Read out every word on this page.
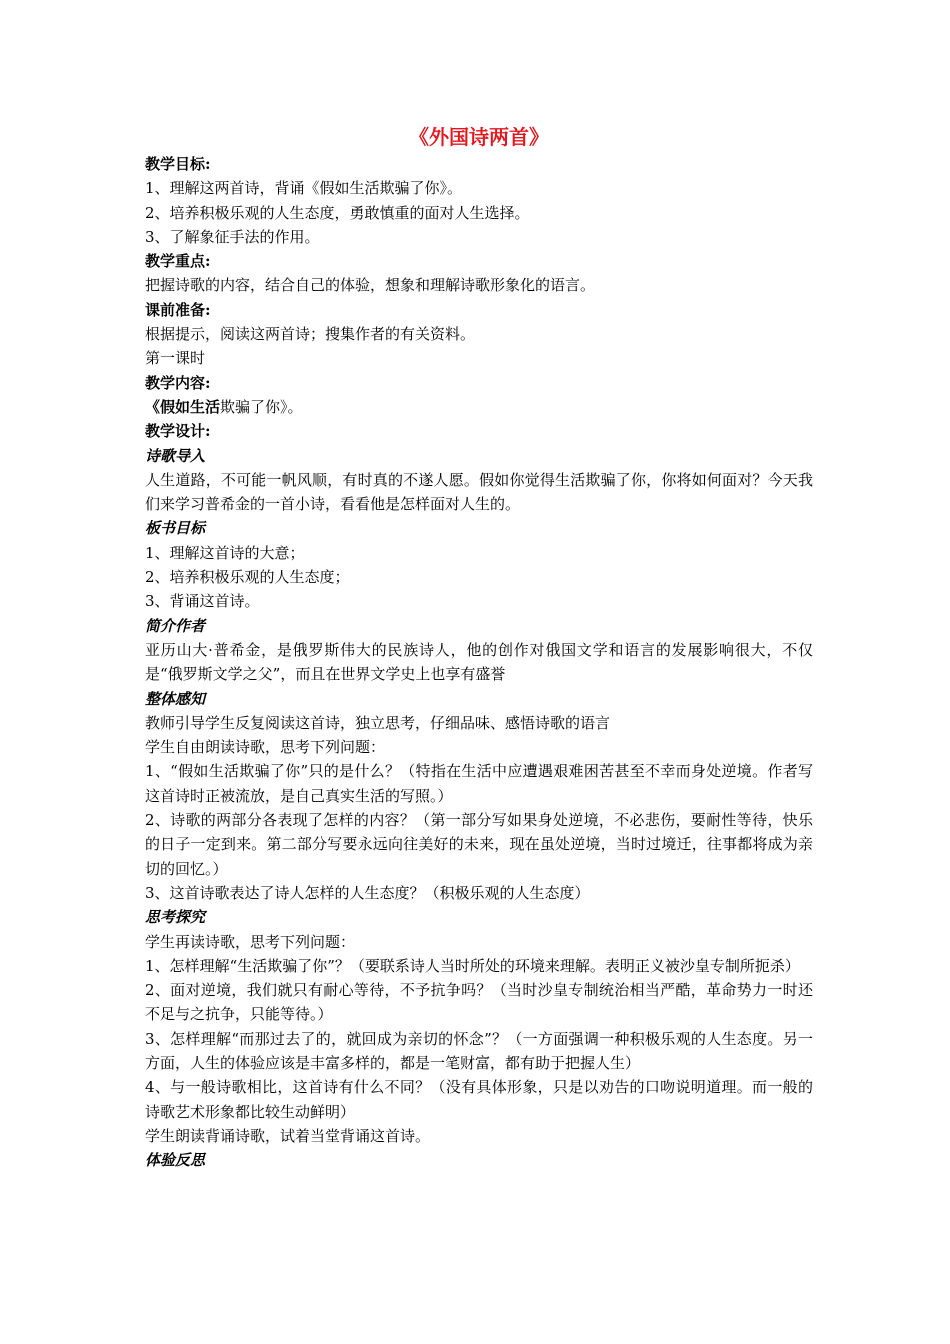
《外国诗两首》
教学目标:
1、理解这两首诗，背诵《假如生活欺骗了你》。
2、培养积极乐观的人生态度，勇敢慎重的面对人生选择。
3、了解象征手法的作用。
教学重点:
把握诗歌的内容，结合自己的体验，想象和理解诗歌形象化的语言。
课前准备:
根据提示，阅读这两首诗；搜集作者的有关资料。
第一课时
教学内容:
《假如生活欺骗了你》。
教学设计:
诗歌导入
人生道路，不可能一帆风顺，有时真的不遂人愿。假如你觉得生活欺骗了你，你将如何面对？今天我们来学习普希金的一首小诗，看看他是怎样面对人生的。
板书目标
1、理解这首诗的大意；
2、培养积极乐观的人生态度；
3、背诵这首诗。
简介作者
亚历山大·普希金，是俄罗斯伟大的民族诗人，他的创作对俄国文学和语言的发展影响很大，不仅是“俄罗斯文学之父”，而且在世界文学史上也享有盛誉
整体感知
教师引导学生反复阅读这首诗，独立思考，仔细品味、感悟诗歌的语言
学生自由朗读诗歌，思考下列问题：
1、“假如生活欺骗了你”只的是什么？（特指在生活中应遭遇艰难困苦甚至不幸而身处逆境。作者写这首诗时正被流放，是自己真实生活的写照。）
2、诗歌的两部分各表现了怎样的内容？（第一部分写如果身处逆境，不必悲伤，要耐性等待，快乐的日子一定到来。第二部分写要永远向往美好的未来，现在虽处逆境，当时过境迁，往事都将成为亲切的回忆。）
3、这首诗歌表达了诗人怎样的人生态度？（积极乐观的人生态度）
思考探究
学生再读诗歌，思考下列问题：
1、怎样理解“生活欺骗了你”？（要联系诗人当时所处的环境来理解。表明正义被沙皇专制所扼杀）
2、面对逆境，我们就只有耐心等待，不予抗争吗？（当时沙皇专制统治相当严酷，革命势力一时还不足与之抗争，只能等待。）
3、怎样理解“而那过去了的，就回成为亲切的怀念”？（一方面强调一种积极乐观的人生态度。另一方面，人生的体验应该是丰富多样的，都是一笔财富，都有助于把握人生）
4、与一般诗歌相比，这首诗有什么不同？（没有具体形象，只是以劝告的口吻说明道理。而一般的诗歌艺术形象都比较生动鲜明）
学生朗读背诵诗歌，试着当堂背诵这首诗。
体验反思
